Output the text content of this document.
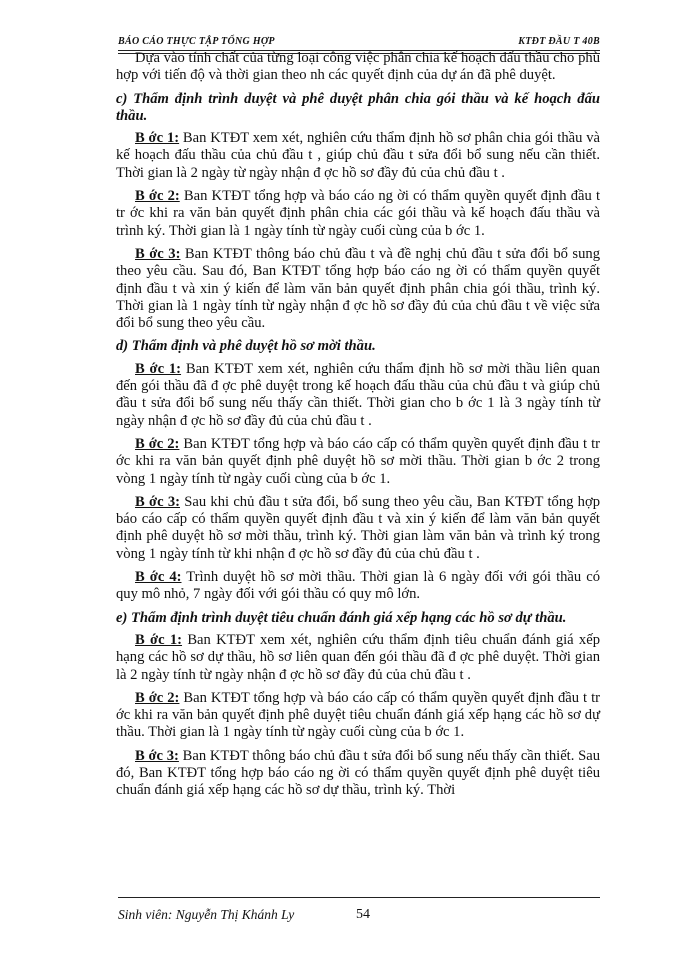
BÁO CÁO THỰC TẬP TỔNG HỢP	KTĐT ĐẦU T 40B

Dựa vào tính chất của từng loại công việc phân chia kế hoạch đấu thầu cho phù hợp với tiến độ và thời gian theo nh các quyết định của dự án đã phê duyệt.

c) Thẩm định trình duyệt và phê duyệt phân chia gói thầu và kế hoạch đấu thầu.

B ớc 1: Ban KTĐT xem xét, nghiên cứu thẩm định hồ sơ phân chia gói thầu và kế hoạch đấu thầu của chủ đầu t , giúp chủ đầu t sửa đổi bổ sung nếu cần thiết. Thời gian là 2 ngày từ ngày nhận đ ợc hồ sơ đầy đủ của chủ đầu t .

B ớc 2: Ban KTĐT tổng hợp và báo cáo ng ời có thẩm quyền quyết định đầu t tr ớc khi ra văn bản quyết định phân chia các gói thầu và kế hoạch đấu thầu và trình ký. Thời gian là 1 ngày tính từ ngày cuối cùng của b ớc 1.

B ớc 3: Ban KTĐT thông báo chủ đầu t và đề nghị chủ đầu t sửa đổi bổ sung theo yêu cầu. Sau đó, Ban KTĐT tổng hợp báo cáo ng ời có thẩm quyền quyết định đầu t và xin ý kiến để làm văn bản quyết định phân chia gói thầu, trình ký. Thời gian là 1 ngày tính từ ngày nhận đ ợc hồ sơ đầy đủ của chủ đầu t về việc sửa đổi bổ sung theo yêu cầu.

d) Thẩm định và phê duyệt hồ sơ mời thầu.

B ớc 1: Ban KTĐT xem xét, nghiên cứu thẩm định hồ sơ mời thầu liên quan đến gói thầu đã đ ợc phê duyệt trong kế hoạch đấu thầu của chủ đầu t và giúp chủ đầu t sửa đổi bổ sung nếu thấy cần thiết. Thời gian cho b ớc 1 là 3 ngày tính từ ngày nhận đ ợc hồ sơ đầy đủ của chủ đầu t .

B ớc 2: Ban KTĐT tổng hợp và báo cáo cấp có thẩm quyền quyết định đầu t tr ớc khi ra văn bản quyết định phê duyệt hồ sơ mời thầu. Thời gian b ớc 2 trong vòng 1 ngày tính từ ngày cuối cùng của b ớc 1.

B ớc 3: Sau khi chủ đầu t sửa đổi, bổ sung theo yêu cầu, Ban KTĐT tổng hợp báo cáo cấp có thẩm quyền quyết định đầu t và xin ý kiến để làm văn bản quyết định phê duyệt hồ sơ mời thầu, trình ký. Thời gian làm văn bản và trình ký trong vòng 1 ngày tính từ khi nhận đ ợc hồ sơ đầy đủ của chủ đầu t .

B ớc 4: Trình duyệt hồ sơ mời thầu. Thời gian là 6 ngày đối với gói thầu có quy mô nhỏ, 7 ngày đối với gói thầu có quy mô lớn.

e) Thẩm định trình duyệt tiêu chuẩn đánh giá xếp hạng các hồ sơ dự thầu.

B ớc 1: Ban KTĐT xem xét, nghiên cứu thẩm định tiêu chuẩn đánh giá xếp hạng các hồ sơ dự thầu, hồ sơ liên quan đến gói thầu đã đ ợc phê duyệt. Thời gian là 2 ngày tính từ ngày nhận đ ợc hồ sơ đầy đủ của chủ đầu t .

B ớc 2: Ban KTĐT tổng hợp và báo cáo cấp có thẩm quyền quyết định đầu t tr ớc khi ra văn bản quyết định phê duyệt tiêu chuẩn đánh giá xếp hạng các hồ sơ dự thầu. Thời gian là 1 ngày tính từ ngày cuối cùng của b ớc 1.

B ớc 3: Ban KTĐT thông báo chủ đầu t sửa đổi bổ sung nếu thấy cần thiết. Sau đó, Ban KTĐT tổng hợp báo cáo ng ời có thẩm quyền quyết định phê duyệt tiêu chuẩn đánh giá xếp hạng các hồ sơ dự thầu, trình ký. Thời

Sinh viên: Nguyễn Thị Khánh Ly	54
